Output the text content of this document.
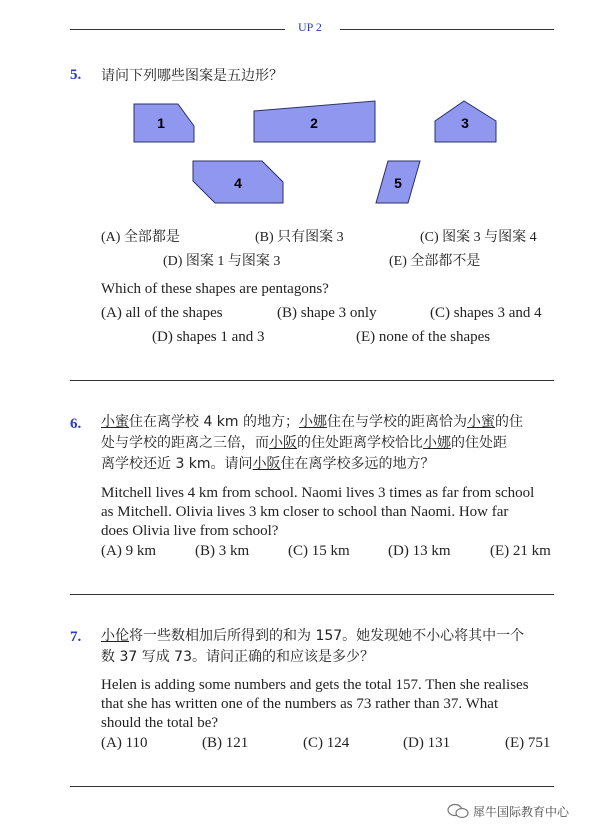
UP 2
5. 请问下列哪些图案是五边形？
1	2	3
4	5
(A) 全部都是	(B) 只有图案 3	(C) 图案 3 与图案 4
(D) 图案 1 与图案 3	(E) 全部都不是
Which of these shapes are pentagons?
(A) all of the shapes	(B) shape 3 only	(C) shapes 3 and 4
(D) shapes 1 and 3	(E) none of the shapes
6. 小蜜住在离学校 4 km 的地方；小娜住在与学校的距离恰为小蜜的住
处与学校的距离之三倍，而小阪的住处距离学校恰比小娜的住处距
离学校还近 3 km。请问小阪住在离学校多远的地方？
Mitchell lives 4 km from school. Naomi lives 3 times as far from school
as Mitchell. Olivia lives 3 km closer to school than Naomi. How far
does Olivia live from school?
(A) 9 km	(B) 3 km	(C) 15 km	(D) 13 km	(E) 21 km
7. 小伦将一些数相加后所得到的和为 157。她发现她不小心将其中一个
数 37 写成 73。请问正确的和应该是多少？
Helen is adding some numbers and gets the total 157. Then she realises
that she has written one of the numbers as 73 rather than 37. What
should the total be?
(A) 110	(B) 121	(C) 124	(D) 131	(E) 751
犀牛国际教育中心
